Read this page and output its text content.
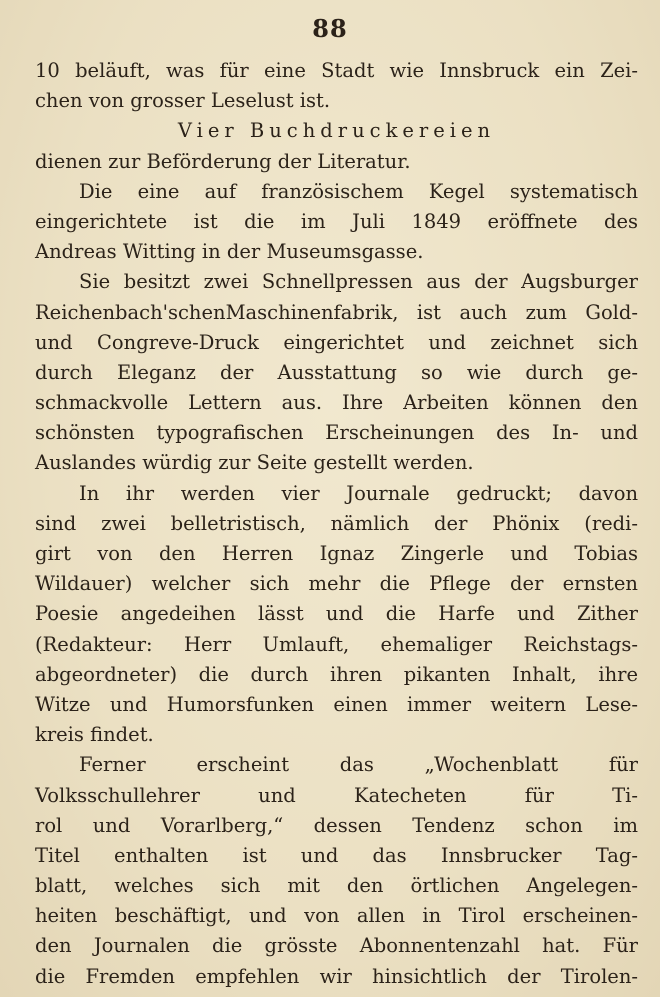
88
10 beläuft, was für eine Stadt wie Innsbruck ein Zei-
chen von grosser Leselust ist.
Vier Buchdruckereien
dienen zur Beförderung der Literatur.
Die eine auf französischem Kegel systematisch
eingerichtete ist die im Juli 1849 eröffnete des
Andreas Witting in der Museumsgasse.
Sie besitzt zwei Schnellpressen aus der Augsburger
Reichenbach'schenMaschinenfabrik, ist auch zum Gold-
und Congreve-Druck eingerichtet und zeichnet sich
durch Eleganz der Ausstattung so wie durch ge-
schmackvolle Lettern aus. Ihre Arbeiten können den
schönsten typografischen Erscheinungen des In- und
Auslandes würdig zur Seite gestellt werden.
In ihr werden vier Journale gedruckt; davon
sind zwei belletristisch, nämlich der Phönix (redi-
girt von den Herren Ignaz Zingerle und Tobias
Wildauer) welcher sich mehr die Pflege der ernsten
Poesie angedeihen lässt und die Harfe und Zither
(Redakteur: Herr Umlauft, ehemaliger Reichstags-
abgeordneter) die durch ihren pikanten Inhalt, ihre
Witze und Humorsfunken einen immer weitern Lese-
kreis findet.
Ferner erscheint das „Wochenblatt für
Volksschullehrer und Katecheten für Ti-
rol und Vorarlberg,“ dessen Tendenz schon im
Titel enthalten ist und das Innsbrucker Tag-
blatt, welches sich mit den örtlichen Angelegen-
heiten beschäftigt, und von allen in Tirol erscheinen-
den Journalen die grösste Abonnentenzahl hat. Für
die Fremden empfehlen wir hinsichtlich der Tirolen-
